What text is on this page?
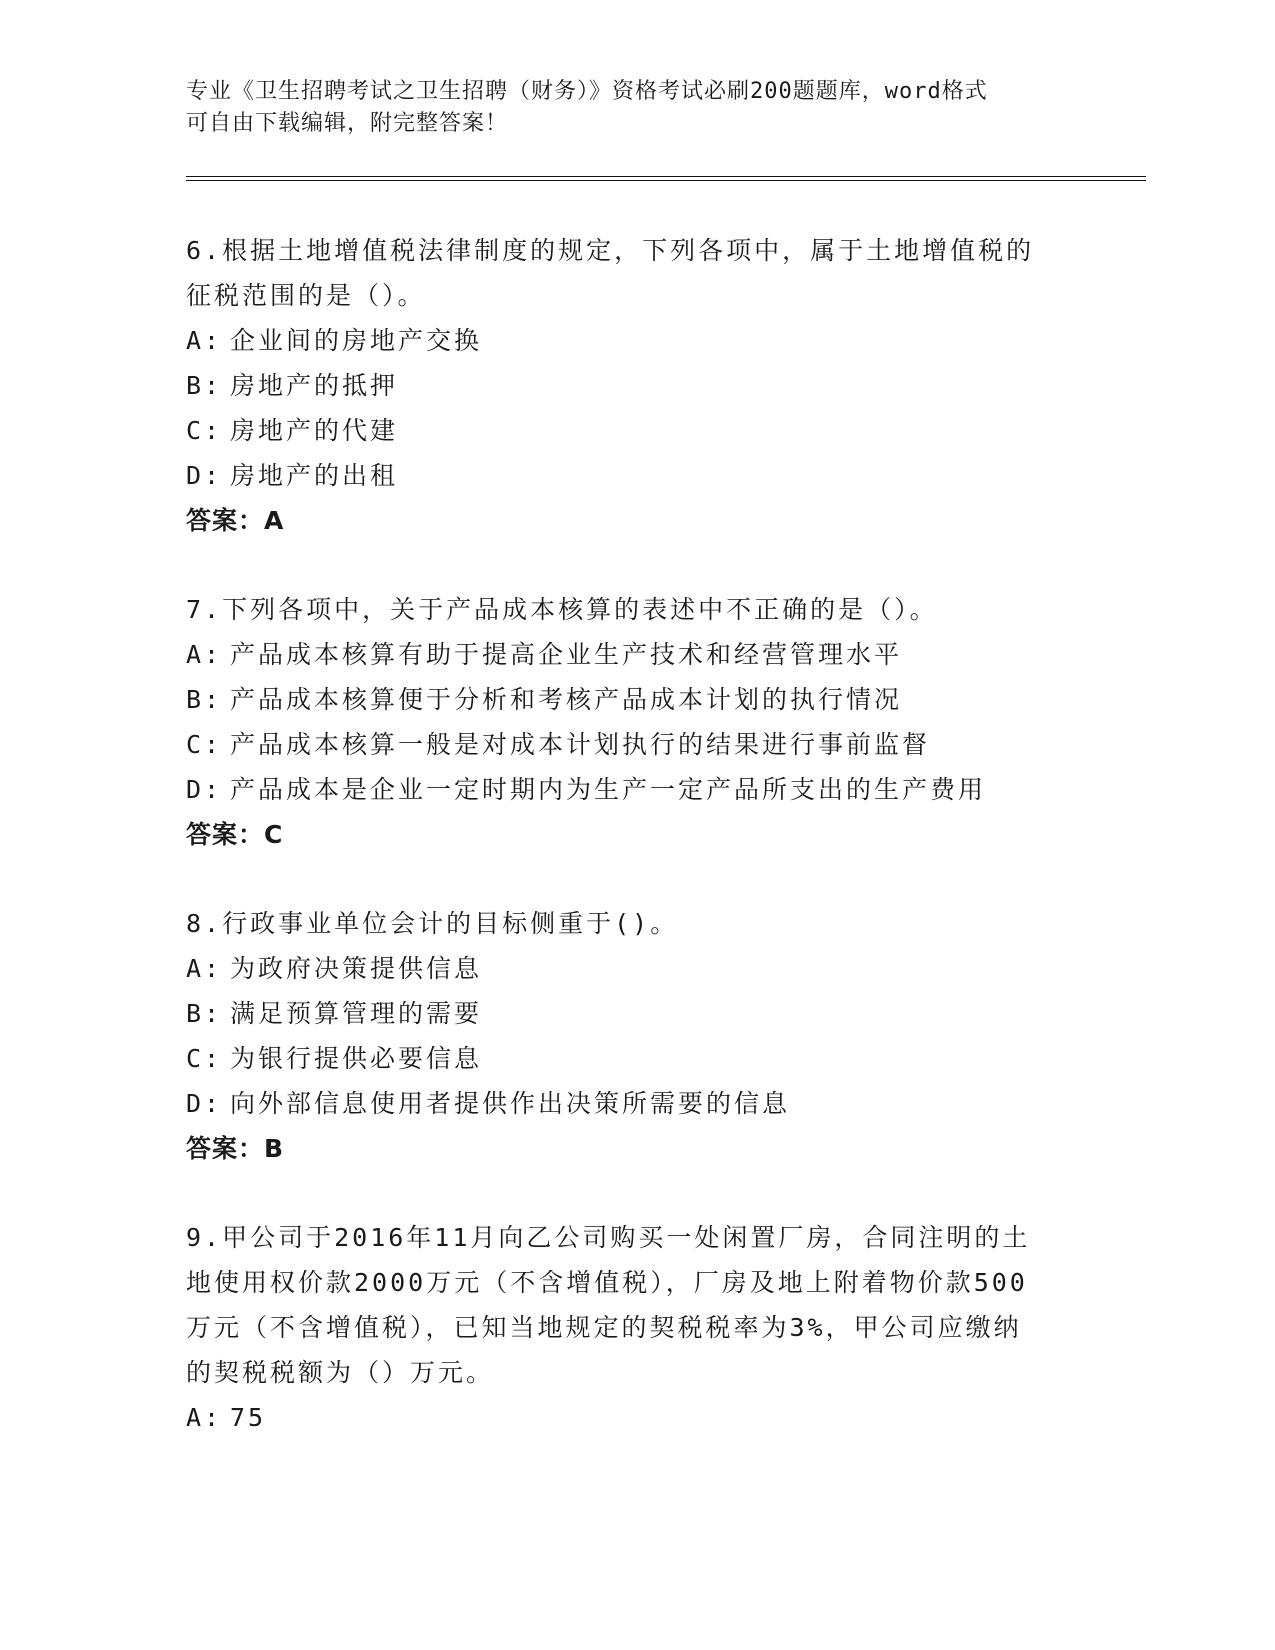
专业《卫生招聘考试之卫生招聘（财务）》资格考试必刷200题题库，word格式
可自由下载编辑，附完整答案！

6.根据土地增值税法律制度的规定，下列各项中，属于土地增值税的

征税范围的是（）。

A: 企业间的房地产交换

B: 房地产的抵押

C: 房地产的代建

D: 房地产的出租

答案：A

7.下列各项中，关于产品成本核算的表述中不正确的是（）。

A: 产品成本核算有助于提高企业生产技术和经营管理水平

B: 产品成本核算便于分析和考核产品成本计划的执行情况

C: 产品成本核算一般是对成本计划执行的结果进行事前监督

D: 产品成本是企业一定时期内为生产一定产品所支出的生产费用

答案：C

8.行政事业单位会计的目标侧重于()。

A: 为政府决策提供信息

B: 满足预算管理的需要

C: 为银行提供必要信息

D: 向外部信息使用者提供作出决策所需要的信息

答案：B

9.甲公司于2016年11月向乙公司购买一处闲置厂房，合同注明的土

地使用权价款2000万元（不含增值税），厂房及地上附着物价款500

万元（不含增值税），已知当地规定的契税税率为3%，甲公司应缴纳

的契税税额为（）万元。

A: 75
